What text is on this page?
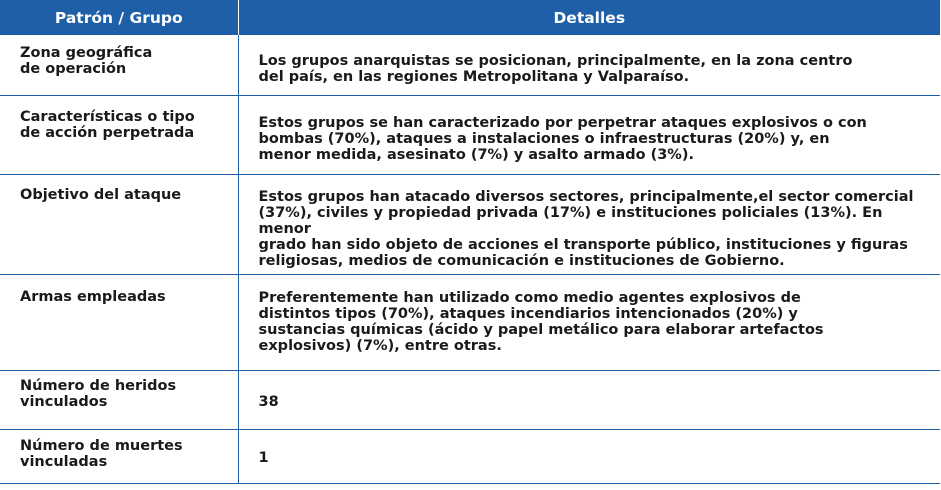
Patrón / Grupo	Detalles

Zona geográfica
de operación	Los grupos anarquistas se posicionan, principalmente, en la zona centro
del país, en las regiones Metropolitana y Valparaíso.

Características o tipo
de acción perpetrada	Estos grupos se han caracterizado por perpetrar ataques explosivos o con
bombas (70%), ataques a instalaciones o infraestructuras (20%) y, en
menor medida, asesinato (7%) y asalto armado (3%).

Objetivo del ataque	Estos grupos han atacado diversos sectores, principalmente,el sector comercial
(37%), civiles y propiedad privada (17%) e instituciones policiales (13%). En menor
grado han sido objeto de acciones el transporte público, instituciones y figuras
religiosas, medios de comunicación e instituciones de Gobierno.

Armas empleadas	Preferentemente han utilizado como medio agentes explosivos de
distintos tipos (70%), ataques incendiarios intencionados (20%) y
sustancias químicas (ácido y papel metálico para elaborar artefactos
explosivos) (7%), entre otras.

Número de heridos
vinculados	38

Número de muertes
vinculadas	1
